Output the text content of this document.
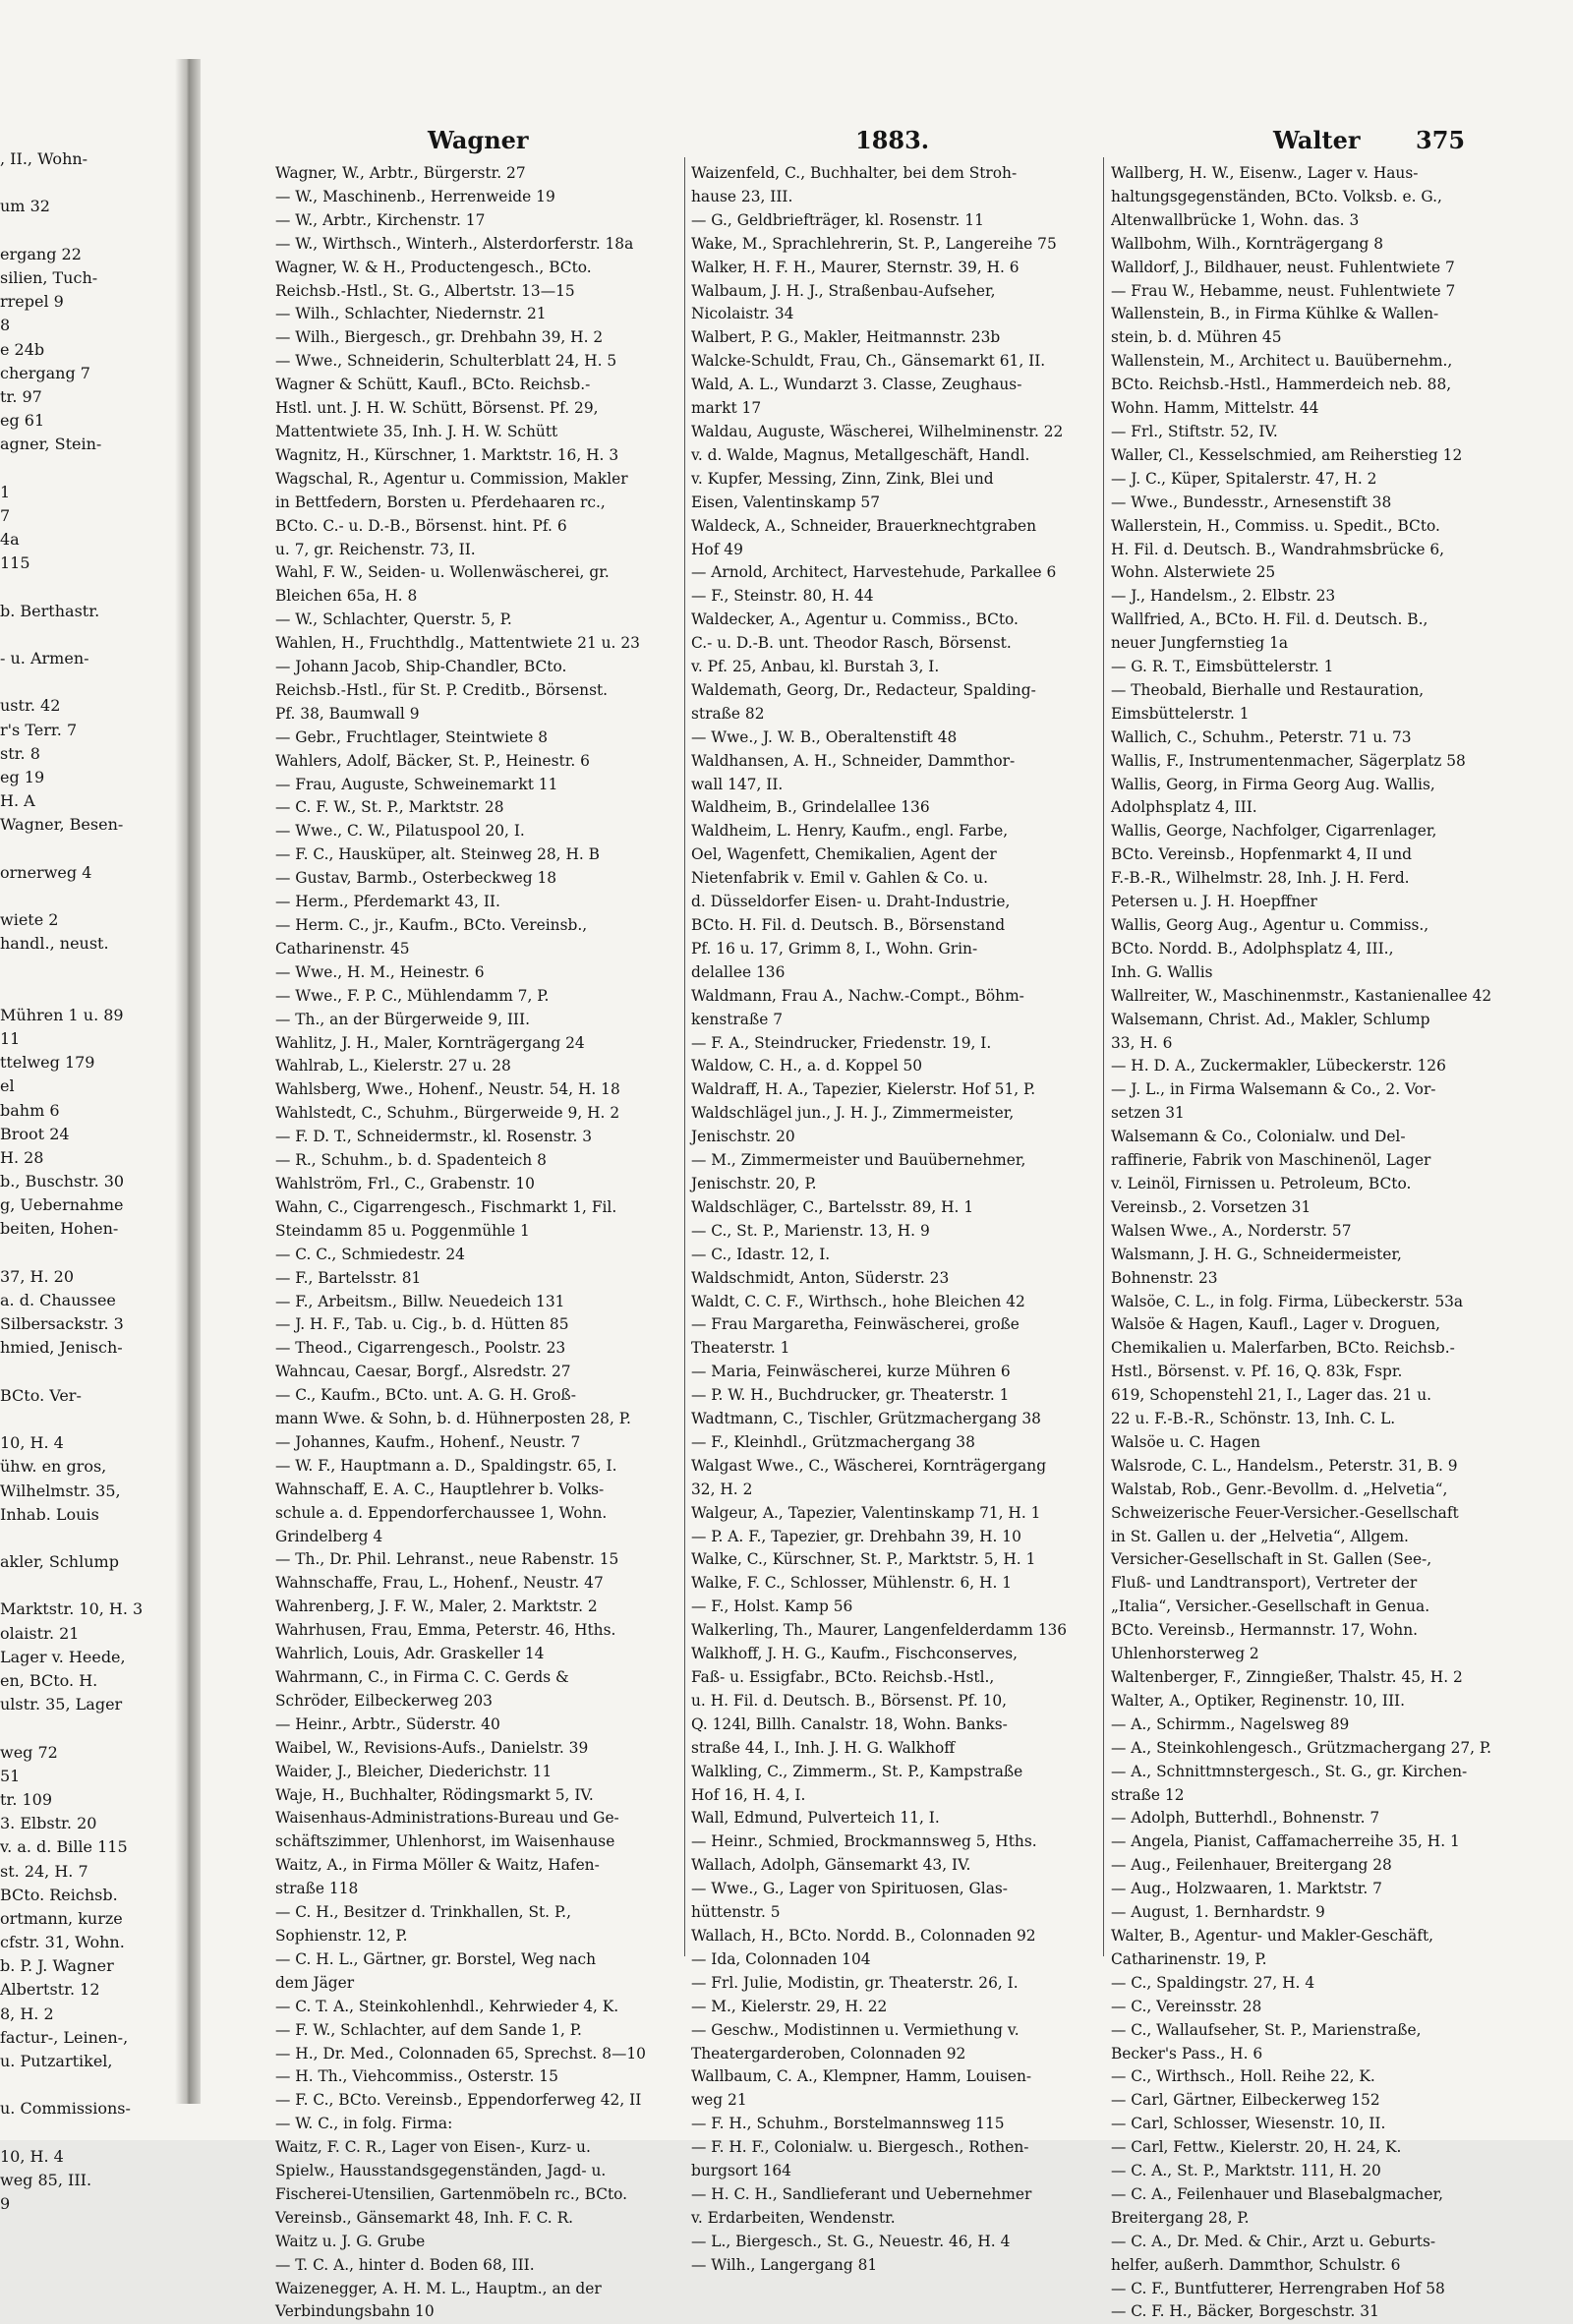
, II., Wohn-
um 32
ergang 22
silien, Tuch-
rrepel 9
8
e 24b
chergang 7
tr. 97
eg 61
agner, Stein-
1
7
4a
115
b. Berthastr.
- u. Armen-
ustr. 42
r's Terr. 7
str. 8
eg 19
H. A
Wagner, Besen-
ornerweg 4
wiete 2
handl., neust.
Mühren 1 u. 89
11
ttelweg 179
el
bahm 6
Broot 24
H. 28
b., Buschstr. 30
g, Uebernahme
beiten, Hohen-
37, H. 20
a. d. Chaussee
Silbersackstr. 3
hmied, Jenisch-
BCto. Ver-
10, H. 4
ühw. en gros,
Wilhelmstr. 35,
Inhab. Louis
akler, Schlump
Marktstr. 10, H. 3
olaistr. 21
Lager v. Heede,
en, BCto. H.
ulstr. 35, Lager
weg 72
51
tr. 109
3. Elbstr. 20
v. a. d. Bille 115
st. 24, H. 7
BCto. Reichsb.
ortmann, kurze
cfstr. 31, Wohn.
b. P. J. Wagner
Albertstr. 12
8, H. 2
factur-, Leinen-,
u. Putzartikel,
u. Commissions-
10, H. 4
weg 85, III.
9
Wagner	1883.	Walter 375
Wagner, W., Arbtr., Bürgerstr. 27
— W., Maschinenb., Herrenweide 19
— W., Arbtr., Kirchenstr. 17
— W., Wirthsch., Winterh., Alsterdorferstr. 18a
Wagner, W. & H., Productengesch., BCto.
Reichsb.-Hstl., St. G., Albertstr. 13—15
— Wilh., Schlachter, Niedernstr. 21
— Wilh., Biergesch., gr. Drehbahn 39, H. 2
— Wwe., Schneiderin, Schulterblatt 24, H. 5
Wagner & Schütt, Kaufl., BCto. Reichsb.-
Hstl. unt. J. H. W. Schütt, Börsenst. Pf. 29,
Mattentwiete 35, Inh. J. H. W. Schütt
Wagnitz, H., Kürschner, 1. Marktstr. 16, H. 3
Wagschal, R., Agentur u. Commission, Makler
in Bettfedern, Borsten u. Pferdehaaren rc.,
BCto. C.- u. D.-B., Börsenst. hint. Pf. 6
u. 7, gr. Reichenstr. 73, II.
Wahl, F. W., Seiden- u. Wollenwäscherei, gr.
Bleichen 65a, H. 8
— W., Schlachter, Querstr. 5, P.
Wahlen, H., Fruchthdlg., Mattentwiete 21 u. 23
— Johann Jacob, Ship-Chandler, BCto.
Reichsb.-Hstl., für St. P. Creditb., Börsenst.
Pf. 38, Baumwall 9
— Gebr., Fruchtlager, Steintwiete 8
Wahlers, Adolf, Bäcker, St. P., Heinestr. 6
— Frau, Auguste, Schweinemarkt 11
— C. F. W., St. P., Marktstr. 28
— Wwe., C. W., Pilatuspool 20, I.
— F. C., Hausküper, alt. Steinweg 28, H. B
— Gustav, Barmb., Osterbeckweg 18
— Herm., Pferdemarkt 43, II.
— Herm. C., jr., Kaufm., BCto. Vereinsb.,
Catharinenstr. 45
— Wwe., H. M., Heinestr. 6
— Wwe., F. P. C., Mühlendamm 7, P.
— Th., an der Bürgerweide 9, III.
Wahlitz, J. H., Maler, Kornträgergang 24
Wahlrab, L., Kielerstr. 27 u. 28
Wahlsberg, Wwe., Hohenf., Neustr. 54, H. 18
Wahlstedt, C., Schuhm., Bürgerweide 9, H. 2
— F. D. T., Schneidermstr., kl. Rosenstr. 3
— R., Schuhm., b. d. Spadenteich 8
Wahlström, Frl., C., Grabenstr. 10
Wahn, C., Cigarrengesch., Fischmarkt 1, Fil.
Steindamm 85 u. Poggenmühle 1
— C. C., Schmiedestr. 24
— F., Bartelsstr. 81
— F., Arbeitsm., Billw. Neuedeich 131
— J. H. F., Tab. u. Cig., b. d. Hütten 85
— Theod., Cigarrengesch., Poolstr. 23
Wahncau, Caesar, Borgf., Alsredstr. 27
— C., Kaufm., BCto. unt. A. G. H. Groß-
mann Wwe. & Sohn, b. d. Hühnerposten 28, P.
— Johannes, Kaufm., Hohenf., Neustr. 7
— W. F., Hauptmann a. D., Spaldingstr. 65, I.
Wahnschaff, E. A. C., Hauptlehrer b. Volks-
schule a. d. Eppendorferchaussee 1, Wohn.
Grindelberg 4
— Th., Dr. Phil. Lehranst., neue Rabenstr. 15
Wahnschaffe, Frau, L., Hohenf., Neustr. 47
Wahrenberg, J. F. W., Maler, 2. Marktstr. 2
Wahrhusen, Frau, Emma, Peterstr. 46, Hths.
Wahrlich, Louis, Adr. Graskeller 14
Wahrmann, C., in Firma C. C. Gerds &
Schröder, Eilbeckerweg 203
— Heinr., Arbtr., Süderstr. 40
Waibel, W., Revisions-Aufs., Danielstr. 39
Waider, J., Bleicher, Diederichstr. 11
Waje, H., Buchhalter, Rödingsmarkt 5, IV.
Waisenhaus-Administrations-Bureau und Ge-
schäftszimmer, Uhlenhorst, im Waisenhause
Waitz, A., in Firma Möller & Waitz, Hafen-
straße 118
— C. H., Besitzer d. Trinkhallen, St. P.,
Sophienstr. 12, P.
— C. H. L., Gärtner, gr. Borstel, Weg nach
dem Jäger
— C. T. A., Steinkohlenhdl., Kehrwieder 4, K.
— F. W., Schlachter, auf dem Sande 1, P.
— H., Dr. Med., Colonnaden 65, Sprechst. 8—10
— H. Th., Viehcommiss., Osterstr. 15
— F. C., BCto. Vereinsb., Eppendorferweg 42, II
— W. C., in folg. Firma:
Waitz, F. C. R., Lager von Eisen-, Kurz- u.
Spielw., Hausstandsgegenständen, Jagd- u.
Fischerei-Utensilien, Gartenmöbeln rc., BCto.
Vereinsb., Gänsemarkt 48, Inh. F. C. R.
Waitz u. J. G. Grube
— T. C. A., hinter d. Boden 68, III.
Waizenegger, A. H. M. L., Hauptm., an der
Verbindungsbahn 10
Waizenfeld, C., Buchhalter, bei dem Stroh-
hause 23, III.
— G., Geldbriefträger, kl. Rosenstr. 11
Wake, M., Sprachlehrerin, St. P., Langereihe 75
Walker, H. F. H., Maurer, Sternstr. 39, H. 6
Walbaum, J. H. J., Straßenbau-Aufseher,
Nicolaistr. 34
Walbert, P. G., Makler, Heitmannstr. 23b
Walcke-Schuldt, Frau, Ch., Gänsemarkt 61, II.
Wald, A. L., Wundarzt 3. Classe, Zeughaus-
markt 17
Waldau, Auguste, Wäscherei, Wilhelminenstr. 22
v. d. Walde, Magnus, Metallgeschäft, Handl.
v. Kupfer, Messing, Zinn, Zink, Blei und
Eisen, Valentinskamp 57
Waldeck, A., Schneider, Brauerknechtgraben
Hof 49
— Arnold, Architect, Harvestehude, Parkallee 6
— F., Steinstr. 80, H. 44
Waldecker, A., Agentur u. Commiss., BCto.
C.- u. D.-B. unt. Theodor Rasch, Börsenst.
v. Pf. 25, Anbau, kl. Burstah 3, I.
Waldemath, Georg, Dr., Redacteur, Spalding-
straße 82
— Wwe., J. W. B., Oberaltenstift 48
Waldhansen, A. H., Schneider, Dammthor-
wall 147, II.
Waldheim, B., Grindelallee 136
Waldheim, L. Henry, Kaufm., engl. Farbe,
Oel, Wagenfett, Chemikalien, Agent der
Nietenfabrik v. Emil v. Gahlen & Co. u.
d. Düsseldorfer Eisen- u. Draht-Industrie,
BCto. H. Fil. d. Deutsch. B., Börsenstand
Pf. 16 u. 17, Grimm 8, I., Wohn. Grin-
delallee 136
Waldmann, Frau A., Nachw.-Compt., Böhm-
kenstraße 7
— F. A., Steindrucker, Friedenstr. 19, I.
Waldow, C. H., a. d. Koppel 50
Waldraff, H. A., Tapezier, Kielerstr. Hof 51, P.
Waldschlägel jun., J. H. J., Zimmermeister,
Jenischstr. 20
— M., Zimmermeister und Bauübernehmer,
Jenischstr. 20, P.
Waldschläger, C., Bartelsstr. 89, H. 1
— C., St. P., Marienstr. 13, H. 9
— C., Idastr. 12, I.
Waldschmidt, Anton, Süderstr. 23
Waldt, C. C. F., Wirthsch., hohe Bleichen 42
— Frau Margaretha, Feinwäscherei, große
Theaterstr. 1
— Maria, Feinwäscherei, kurze Mühren 6
— P. W. H., Buchdrucker, gr. Theaterstr. 1
Wadtmann, C., Tischler, Grützmachergang 38
— F., Kleinhdl., Grützmachergang 38
Walgast Wwe., C., Wäscherei, Kornträgergang
32, H. 2
Walgeur, A., Tapezier, Valentinskamp 71, H. 1
— P. A. F., Tapezier, gr. Drehbahn 39, H. 10
Walke, C., Kürschner, St. P., Marktstr. 5, H. 1
Walke, F. C., Schlosser, Mühlenstr. 6, H. 1
— F., Holst. Kamp 56
Walkerling, Th., Maurer, Langenfelderdamm 136
Walkhoff, J. H. G., Kaufm., Fischconserves,
Faß- u. Essigfabr., BCto. Reichsb.-Hstl.,
u. H. Fil. d. Deutsch. B., Börsenst. Pf. 10,
Q. 124l, Billh. Canalstr. 18, Wohn. Banks-
straße 44, I., Inh. J. H. G. Walkhoff
Walkling, C., Zimmerm., St. P., Kampstraße
Hof 16, H. 4, I.
Wall, Edmund, Pulverteich 11, I.
— Heinr., Schmied, Brockmannsweg 5, Hths.
Wallach, Adolph, Gänsemarkt 43, IV.
— Wwe., G., Lager von Spirituosen, Glas-
hüttenstr. 5
Wallach, H., BCto. Nordd. B., Colonnaden 92
— Ida, Colonnaden 104
— Frl. Julie, Modistin, gr. Theaterstr. 26, I.
— M., Kielerstr. 29, H. 22
— Geschw., Modistinnen u. Vermiethung v.
Theatergarderoben, Colonnaden 92
Wallbaum, C. A., Klempner, Hamm, Louisen-
weg 21
— F. H., Schuhm., Borstelmannsweg 115
— F. H. F., Colonialw. u. Biergesch., Rothen-
burgsort 164
— H. C. H., Sandlieferant und Uebernehmer
v. Erdarbeiten, Wendenstr.
— L., Biergesch., St. G., Neuestr. 46, H. 4
— Wilh., Langergang 81
Wallberg, H. W., Eisenw., Lager v. Haus-
haltungsgegenständen, BCto. Volksb. e. G.,
Altenwallbrücke 1, Wohn. das. 3
Wallbohm, Wilh., Kornträgergang 8
Walldorf, J., Bildhauer, neust. Fuhlentwiete 7
— Frau W., Hebamme, neust. Fuhlentwiete 7
Wallenstein, B., in Firma Kühlke & Wallen-
stein, b. d. Mühren 45
Wallenstein, M., Architect u. Bauübernehm.,
BCto. Reichsb.-Hstl., Hammerdeich neb. 88,
Wohn. Hamm, Mittelstr. 44
— Frl., Stiftstr. 52, IV.
Waller, Cl., Kesselschmied, am Reiherstieg 12
— J. C., Küper, Spitalerstr. 47, H. 2
— Wwe., Bundesstr., Arnesenstift 38
Wallerstein, H., Commiss. u. Spedit., BCto.
H. Fil. d. Deutsch. B., Wandrahmsbrücke 6,
Wohn. Alsterwiete 25
— J., Handelsm., 2. Elbstr. 23
Wallfried, A., BCto. H. Fil. d. Deutsch. B.,
neuer Jungfernstieg 1a
— G. R. T., Eimsbüttelerstr. 1
— Theobald, Bierhalle und Restauration,
Eimsbüttelerstr. 1
Wallich, C., Schuhm., Peterstr. 71 u. 73
Wallis, F., Instrumentenmacher, Sägerplatz 58
Wallis, Georg, in Firma Georg Aug. Wallis,
Adolphsplatz 4, III.
Wallis, George, Nachfolger, Cigarrenlager,
BCto. Vereinsb., Hopfenmarkt 4, II und
F.-B.-R., Wilhelmstr. 28, Inh. J. H. Ferd.
Petersen u. J. H. Hoepffner
Wallis, Georg Aug., Agentur u. Commiss.,
BCto. Nordd. B., Adolphsplatz 4, III.,
Inh. G. Wallis
Wallreiter, W., Maschinenmstr., Kastanienallee 42
Walsemann, Christ. Ad., Makler, Schlump
33, H. 6
— H. D. A., Zuckermakler, Lübeckerstr. 126
— J. L., in Firma Walsemann & Co., 2. Vor-
setzen 31
Walsemann & Co., Colonialw. und Del-
raffinerie, Fabrik von Maschinenöl, Lager
v. Leinöl, Firnissen u. Petroleum, BCto.
Vereinsb., 2. Vorsetzen 31
Walsen Wwe., A., Norderstr. 57
Walsmann, J. H. G., Schneidermeister,
Bohnenstr. 23
Walsöe, C. L., in folg. Firma, Lübeckerstr. 53a
Walsöe & Hagen, Kaufl., Lager v. Droguen,
Chemikalien u. Malerfarben, BCto. Reichsb.-
Hstl., Börsenst. v. Pf. 16, Q. 83k, Fspr.
619, Schopenstehl 21, I., Lager das. 21 u.
22 u. F.-B.-R., Schönstr. 13, Inh. C. L.
Walsöe u. C. Hagen
Walsrode, C. L., Handelsm., Peterstr. 31, B. 9
Walstab, Rob., Genr.-Bevollm. d. „Helvetia“,
Schweizerische Feuer-Versicher.-Gesellschaft
in St. Gallen u. der „Helvetia“, Allgem.
Versicher-Gesellschaft in St. Gallen (See-,
Fluß- und Landtransport), Vertreter der
„Italia“, Versicher.-Gesellschaft in Genua.
BCto. Vereinsb., Hermannstr. 17, Wohn.
Uhlenhorsterweg 2
Waltenberger, F., Zinngießer, Thalstr. 45, H. 2
Walter, A., Optiker, Reginenstr. 10, III.
— A., Schirmm., Nagelsweg 89
— A., Steinkohlengesch., Grützmachergang 27, P.
— A., Schnittmnstergesch., St. G., gr. Kirchen-
straße 12
— Adolph, Butterhdl., Bohnenstr. 7
— Angela, Pianist, Caffamacherreihe 35, H. 1
— Aug., Feilenhauer, Breitergang 28
— Aug., Holzwaaren, 1. Marktstr. 7
— August, 1. Bernhardstr. 9
Walter, B., Agentur- und Makler-Geschäft,
Catharinenstr. 19, P.
— C., Spaldingstr. 27, H. 4
— C., Vereinsstr. 28
— C., Wallaufseher, St. P., Marienstraße,
Becker's Pass., H. 6
— C., Wirthsch., Holl. Reihe 22, K.
— Carl, Gärtner, Eilbeckerweg 152
— Carl, Schlosser, Wiesenstr. 10, II.
— Carl, Fettw., Kielerstr. 20, H. 24, K.
— C. A., St. P., Marktstr. 111, H. 20
— C. A., Feilenhauer und Blasebalgmacher,
Breitergang 28, P.
— C. A., Dr. Med. & Chir., Arzt u. Geburts-
helfer, außerh. Dammthor, Schulstr. 6
— C. F., Buntfutterer, Herrengraben Hof 58
— C. F. H., Bäcker, Borgeschstr. 31
